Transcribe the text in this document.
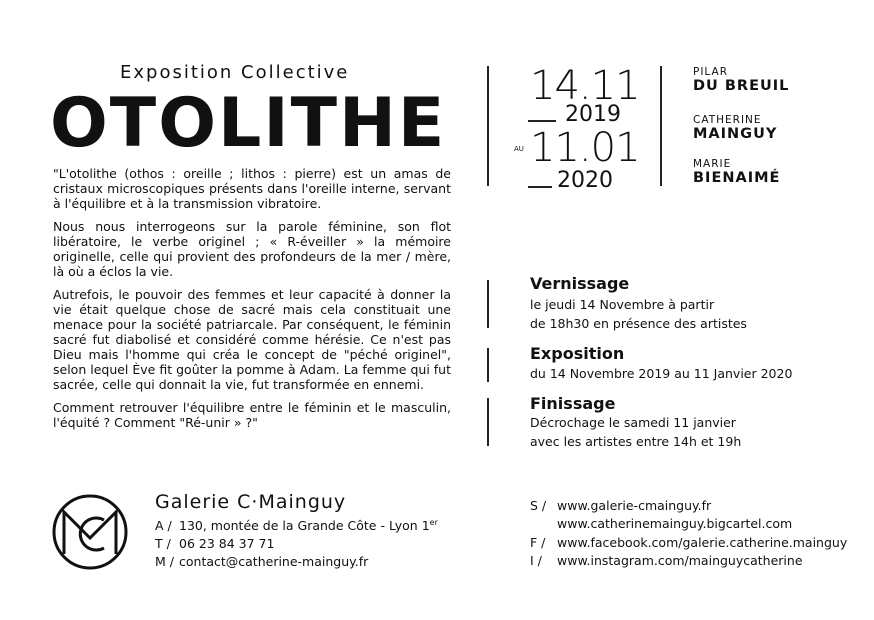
Exposition Collective
OTOLITHE

"L'otolithe (othos : oreille ; lithos : pierre) est un amas de cristaux microscopiques présents dans l'oreille interne, servant à l'équilibre et à la transmission vibratoire.

Nous nous interrogeons sur la parole féminine, son flot libératoire, le verbe originel ; « R-éveiller » la mémoire originelle, celle qui provient des profondeurs de la mer / mère, là où a éclos la vie.

Autrefois, le pouvoir des femmes et leur capacité à donner la vie était quelque chose de sacré mais cela constituait une menace pour la société patriarcale. Par conséquent, le féminin sacré fut diabolisé et considéré comme hérésie. Ce n'est pas Dieu mais l'homme qui créa le concept de "péché originel", selon lequel Ève fit goûter la pomme à Adam. La femme qui fut sacrée, celle qui donnait la vie, fut transformée en ennemi.

Comment retrouver l'équilibre entre le féminin et le masculin, l'équité ? Comment "Ré-unir » ?"

14.11
2019
AU 11.01
2020
PILAR
DU BREUIL
CATHERINE
MAINGUY
MARIE
BIENAIMÉ
Vernissage
le jeudi 14 Novembre à partir
de 18h30 en présence des artistes
Exposition
du 14 Novembre 2019 au 11 Janvier 2020
Finissage
Décrochage le samedi 11 janvier
avec les artistes entre 14h et 19h
Galerie C·Mainguy
A / 130, montée de la Grande Côte - Lyon 1er
T / 06 23 84 37 71
M / contact@catherine-mainguy.fr
S / www.galerie-cmainguy.fr
www.catherinemainguy.bigcartel.com
F / www.facebook.com/galerie.catherine.mainguy
I / www.instagram.com/mainguycatherine
